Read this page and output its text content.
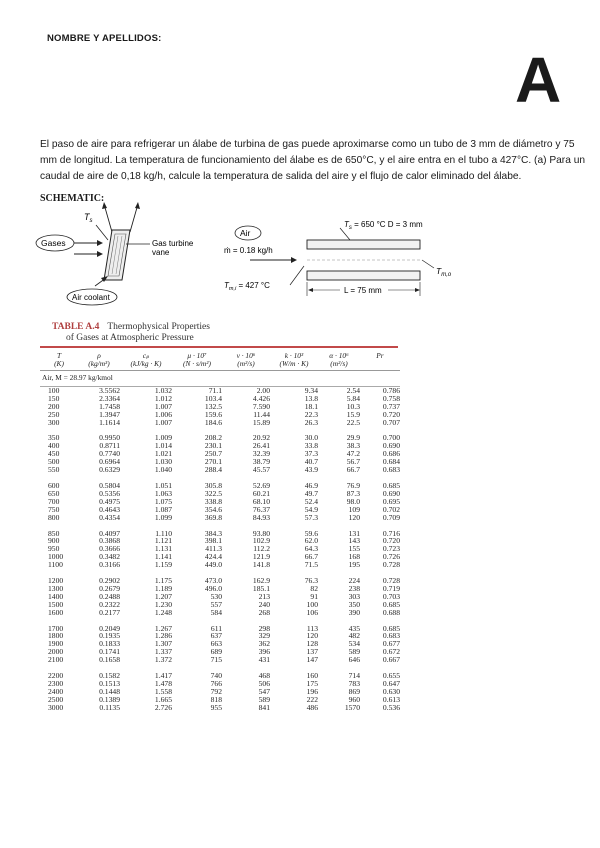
NOMBRE Y APELLIDOS:
A
El paso de aire para refrigerar un álabe de turbina de gas puede aproximarse como un tubo de 3 mm de diámetro y 75 mm de longitud. La temperatura de funcionamiento del álabe es de 650°C, y el aire entra en el tubo a 427°C. (a) Para un caudal de aire de 0,18 kg/h, calcule la temperatura de salida del aire y el flujo de calor eliminado del álabe.
SCHEMATIC:
$T_s$
Gases	Gas turbine
vane
Air coolant
Air
ṁ = 0.18 kg/h
$T_s = 650$ °C D = 3 mm
$T_{m,o}$
$T_{m,i} = 427$ °C
L = 75 mm
TABLE A.4 Thermophysical Properties
of Gases at Atmospheric Pressure
T	ρ	cₚ	μ · 10⁷	ν · 10⁶	k · 10³	α · 10⁶	Pr
(K)	(kg/m³)	(kJ/kg · K)	(N · s/m²)	(m²/s)	(W/m · K)	(m²/s)	
Air, M = 28.97 kg/kmol							
100	3.5562	1.032	71.1	2.00	9.34	2.54	0.786
150	2.3364	1.012	103.4	4.426	13.8	5.84	0.758
200	1.7458	1.007	132.5	7.590	18.1	10.3	0.737
250	1.3947	1.006	159.6	11.44	22.3	15.9	0.720
300	1.1614	1.007	184.6	15.89	26.3	22.5	0.707

350	0.9950	1.009	208.2	20.92	30.0	29.9	0.700
400	0.8711	1.014	230.1	26.41	33.8	38.3	0.690
450	0.7740	1.021	250.7	32.39	37.3	47.2	0.686
500	0.6964	1.030	270.1	38.79	40.7	56.7	0.684
550	0.6329	1.040	288.4	45.57	43.9	66.7	0.683

600	0.5804	1.051	305.8	52.69	46.9	76.9	0.685
650	0.5356	1.063	322.5	60.21	49.7	87.3	0.690
700	0.4975	1.075	338.8	68.10	52.4	98.0	0.695
750	0.4643	1.087	354.6	76.37	54.9	109	0.702
800	0.4354	1.099	369.8	84.93	57.3	120	0.709

850	0.4097	1.110	384.3	93.80	59.6	131	0.716
900	0.3868	1.121	398.1	102.9	62.0	143	0.720
950	0.3666	1.131	411.3	112.2	64.3	155	0.723
1000	0.3482	1.141	424.4	121.9	66.7	168	0.726
1100	0.3166	1.159	449.0	141.8	71.5	195	0.728

1200	0.2902	1.175	473.0	162.9	76.3	224	0.728
1300	0.2679	1.189	496.0	185.1	82	238	0.719
1400	0.2488	1.207	530	213	91	303	0.703
1500	0.2322	1.230	557	240	100	350	0.685
1600	0.2177	1.248	584	268	106	390	0.688

1700	0.2049	1.267	611	298	113	435	0.685
1800	0.1935	1.286	637	329	120	482	0.683
1900	0.1833	1.307	663	362	128	534	0.677
2000	0.1741	1.337	689	396	137	589	0.672
2100	0.1658	1.372	715	431	147	646	0.667

2200	0.1582	1.417	740	468	160	714	0.655
2300	0.1513	1.478	766	506	175	783	0.647
2400	0.1448	1.558	792	547	196	869	0.630
2500	0.1389	1.665	818	589	222	960	0.613
3000	0.1135	2.726	955	841	486	1570	0.536
